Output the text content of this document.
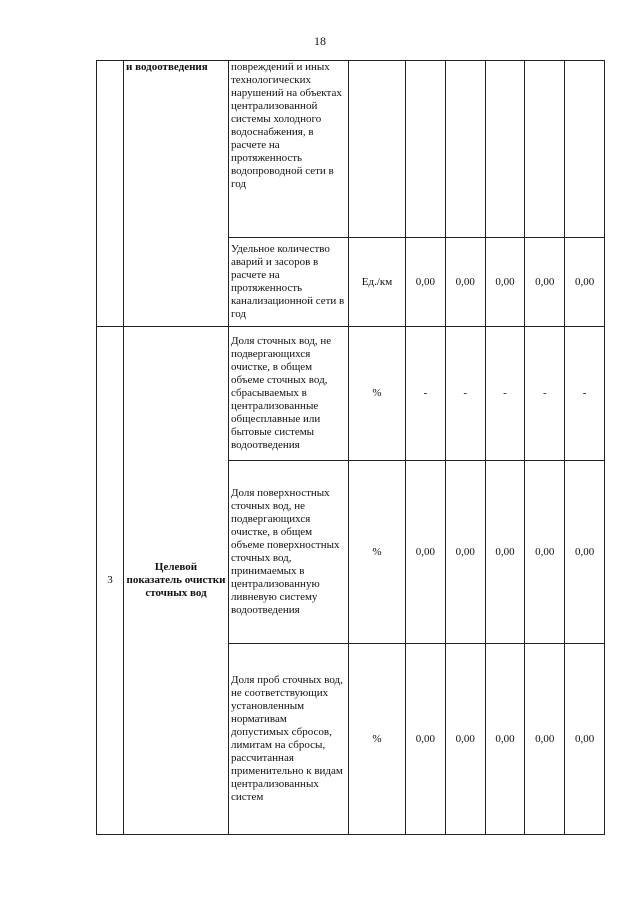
18
	и водоотведения	повреждений и иных технологических нарушений на объектах централизованной системы холодного водоснабжения, в расчете на протяженность водопроводной сети в год						
		Удельное количество аварий и засоров в расчете на протяженность канализационной сети в год	Ед./км	0,00	0,00	0,00	0,00	0,00
3	Целевой показатель очистки сточных вод	Доля сточных вод, не подвергающихся очистке, в общем объеме сточных вод, сбрасываемых в централизованные общесплавные или бытовые системы водоотведения	%	-	-	-	-	-
		Доля поверхностных сточных вод, не подвергающихся очистке, в общем объеме поверхностных сточных вод, принимаемых в централизованную ливневую систему водоотведения	%	0,00	0,00	0,00	0,00	0,00
		Доля проб сточных вод, не соответствующих установленным нормативам допустимых сбросов, лимитам на сбросы, рассчитанная применительно к видам централизованных систем	%	0,00	0,00	0,00	0,00	0,00
